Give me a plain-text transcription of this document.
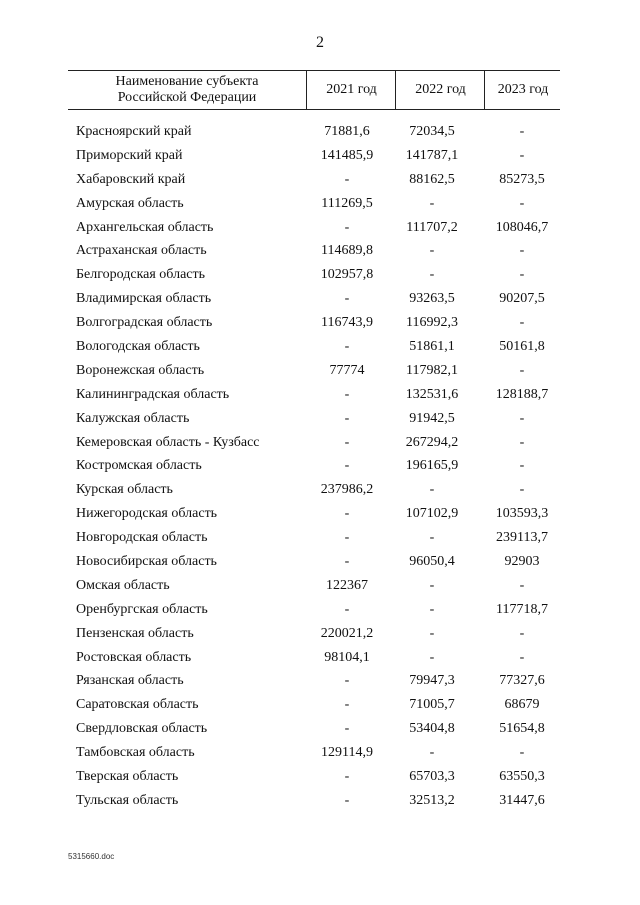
2
Наименование субъекта
Российской Федерации
2021 год	2022 год	2023 год
Красноярский край	71881,6	72034,5	-
Приморский край	141485,9	141787,1	-
Хабаровский край	-	88162,5	85273,5
Амурская область	111269,5	-	-
Архангельская область	-	111707,2	108046,7
Астраханская область	114689,8	-	-
Белгородская область	102957,8	-	-
Владимирская область	-	93263,5	90207,5
Волгоградская область	116743,9	116992,3	-
Вологодская область	-	51861,1	50161,8
Воронежская область	77774	117982,1	-
Калининградская область	-	132531,6	128188,7
Калужская область	-	91942,5	-
Кемеровская область - Кузбасс	-	267294,2	-
Костромская область	-	196165,9	-
Курская область	237986,2	-	-
Нижегородская область	-	107102,9	103593,3
Новгородская область	-	-	239113,7
Новосибирская область	-	96050,4	92903
Омская область	122367	-	-
Оренбургская область	-	-	117718,7
Пензенская область	220021,2	-	-
Ростовская область	98104,1	-	-
Рязанская область	-	79947,3	77327,6
Саратовская область	-	71005,7	68679
Свердловская область	-	53404,8	51654,8
Тамбовская область	129114,9	-	-
Тверская область	-	65703,3	63550,3
Тульская область	-	32513,2	31447,6
5315660.doc
